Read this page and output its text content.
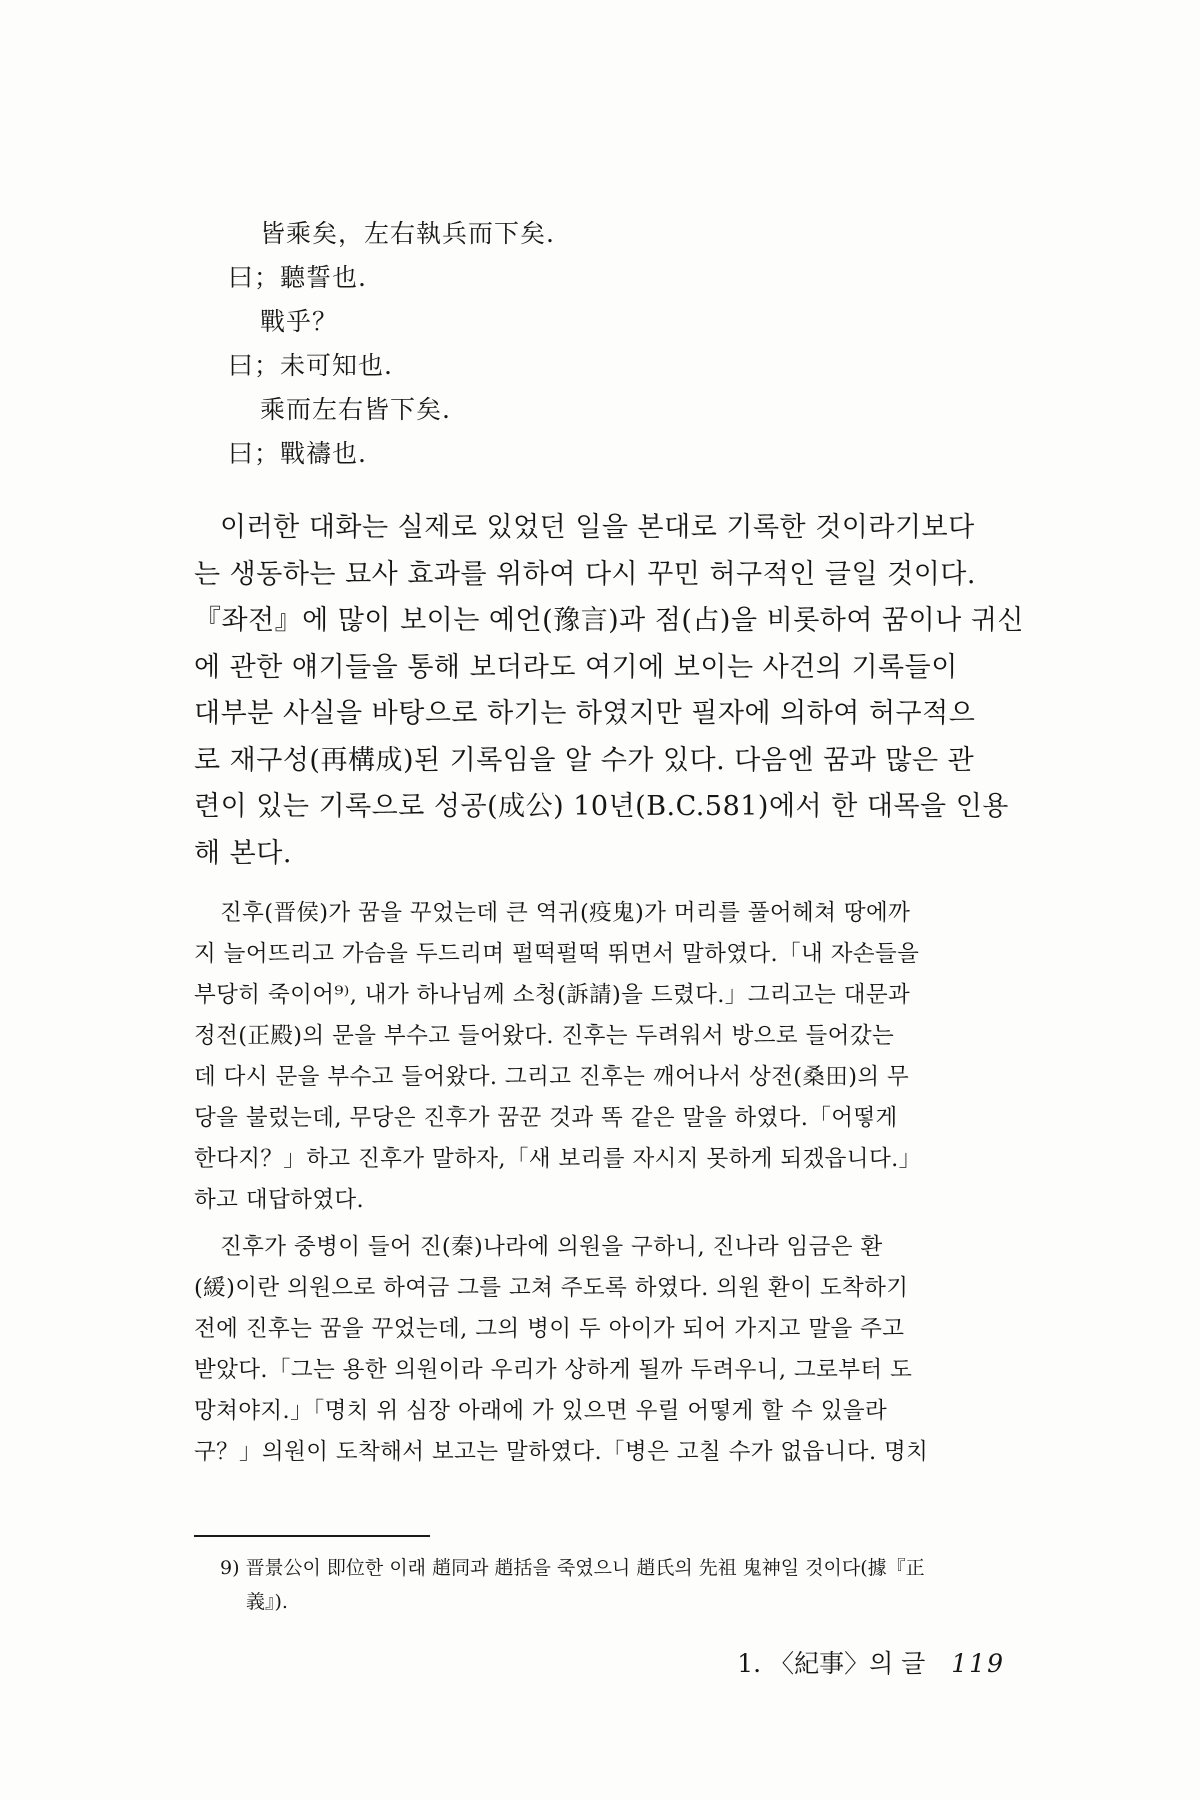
皆乘矣，左右執兵而下矣.
曰；聽誓也.
戰乎？
曰；未可知也.
乘而左右皆下矣.
曰；戰禱也.
이러한 대화는 실제로 있었던 일을 본대로 기록한 것이라기보다
는 생동하는 묘사 효과를 위하여 다시 꾸민 허구적인 글일 것이다.
『좌전』에 많이 보이는 예언(豫言)과 점(占)을 비롯하여 꿈이나 귀신
에 관한 얘기들을 통해 보더라도 여기에 보이는 사건의 기록들이
대부분 사실을 바탕으로 하기는 하였지만 필자에 의하여 허구적으
로 재구성(再構成)된 기록임을 알 수가 있다. 다음엔 꿈과 많은 관
련이 있는 기록으로 성공(成公) 10년(B.C.581)에서 한 대목을 인용
해 본다.
진후(晋侯)가 꿈을 꾸었는데 큰 역귀(疫鬼)가 머리를 풀어헤쳐 땅에까
지 늘어뜨리고 가슴을 두드리며 펄떡펄떡 뛰면서 말하였다.「내 자손들을
부당히 죽이어⁹⁾, 내가 하나님께 소청(訴請)을 드렸다.」그리고는 대문과
정전(正殿)의 문을 부수고 들어왔다. 진후는 두려워서 방으로 들어갔는
데 다시 문을 부수고 들어왔다. 그리고 진후는 깨어나서 상전(桑田)의 무
당을 불렀는데, 무당은 진후가 꿈꾼 것과 똑 같은 말을 하였다.「어떻게
한다지？」하고 진후가 말하자,「새 보리를 자시지 못하게 되겠읍니다.」
하고 대답하였다.
진후가 중병이 들어 진(秦)나라에 의원을 구하니, 진나라 임금은 환
(緩)이란 의원으로 하여금 그를 고쳐 주도록 하였다. 의원 환이 도착하기
전에 진후는 꿈을 꾸었는데, 그의 병이 두 아이가 되어 가지고 말을 주고
받았다.「그는 용한 의원이라 우리가 상하게 될까 두려우니, 그로부터 도
망쳐야지.」「명치 위 심장 아래에 가 있으면 우릴 어떻게 할 수 있을라
구？」의원이 도착해서 보고는 말하였다.「병은 고칠 수가 없읍니다. 명치
9) 晋景公이 即位한 이래 趙同과 趙括을 죽였으니 趙氏의 先祖 鬼神일 것이다(據『正
義』).
1. 〈紀事〉의 글 119
